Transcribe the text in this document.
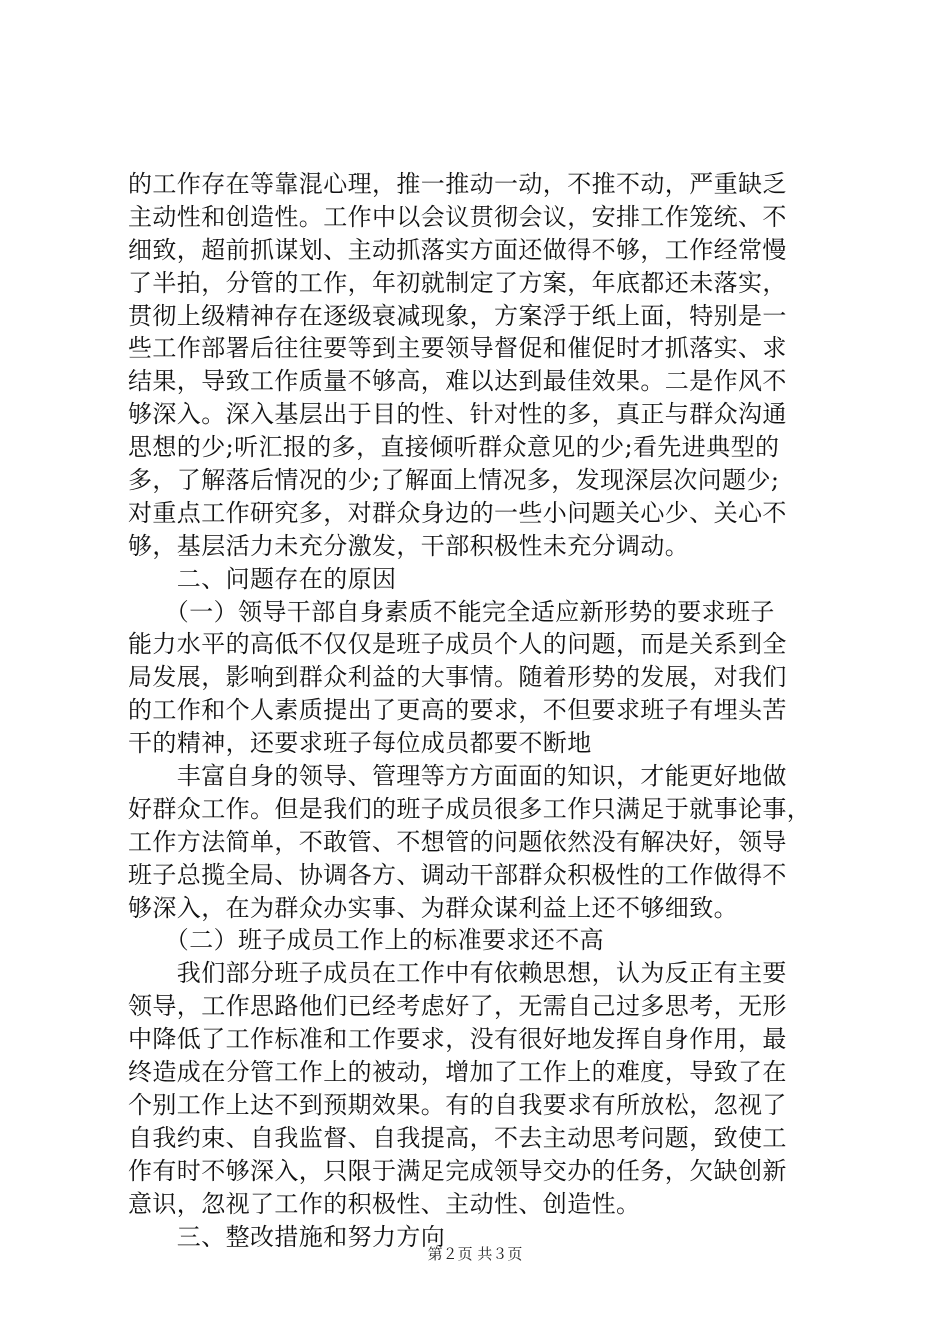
的工作存在等靠混心理，推一推动一动，不推不动，严重缺乏
主动性和创造性。工作中以会议贯彻会议，安排工作笼统、不
细致，超前抓谋划、主动抓落实方面还做得不够，工作经常慢
了半拍，分管的工作，年初就制定了方案，年底都还未落实，
贯彻上级精神存在逐级衰减现象，方案浮于纸上面，特别是一
些工作部署后往往要等到主要领导督促和催促时才抓落实、求
结果，导致工作质量不够高，难以达到最佳效果。二是作风不
够深入。深入基层出于目的性、针对性的多，真正与群众沟通
思想的少;听汇报的多，直接倾听群众意见的少;看先进典型的
多，了解落后情况的少;了解面上情况多，发现深层次问题少;
对重点工作研究多，对群众身边的一些小问题关心少、关心不
够，基层活力未充分激发，干部积极性未充分调动。
　　二、问题存在的原因
　　（一）领导干部自身素质不能完全适应新形势的要求班子
能力水平的高低不仅仅是班子成员个人的问题，而是关系到全
局发展，影响到群众利益的大事情。随着形势的发展，对我们
的工作和个人素质提出了更高的要求，不但要求班子有埋头苦
干的精神，还要求班子每位成员都要不断地
　　丰富自身的领导、管理等方方面面的知识，才能更好地做
好群众工作。但是我们的班子成员很多工作只满足于就事论事，
工作方法简单，不敢管、不想管的问题依然没有解决好，领导
班子总揽全局、协调各方、调动干部群众积极性的工作做得不
够深入，在为群众办实事、为群众谋利益上还不够细致。
　　（二）班子成员工作上的标准要求还不高
　　我们部分班子成员在工作中有依赖思想，认为反正有主要
领导，工作思路他们已经考虑好了，无需自己过多思考，无形
中降低了工作标准和工作要求，没有很好地发挥自身作用，最
终造成在分管工作上的被动，增加了工作上的难度，导致了在
个别工作上达不到预期效果。有的自我要求有所放松，忽视了
自我约束、自我监督、自我提高，不去主动思考问题，致使工
作有时不够深入，只限于满足完成领导交办的任务，欠缺创新
意识，忽视了工作的积极性、主动性、创造性。
　　三、整改措施和努力方向
第２页 共３页
